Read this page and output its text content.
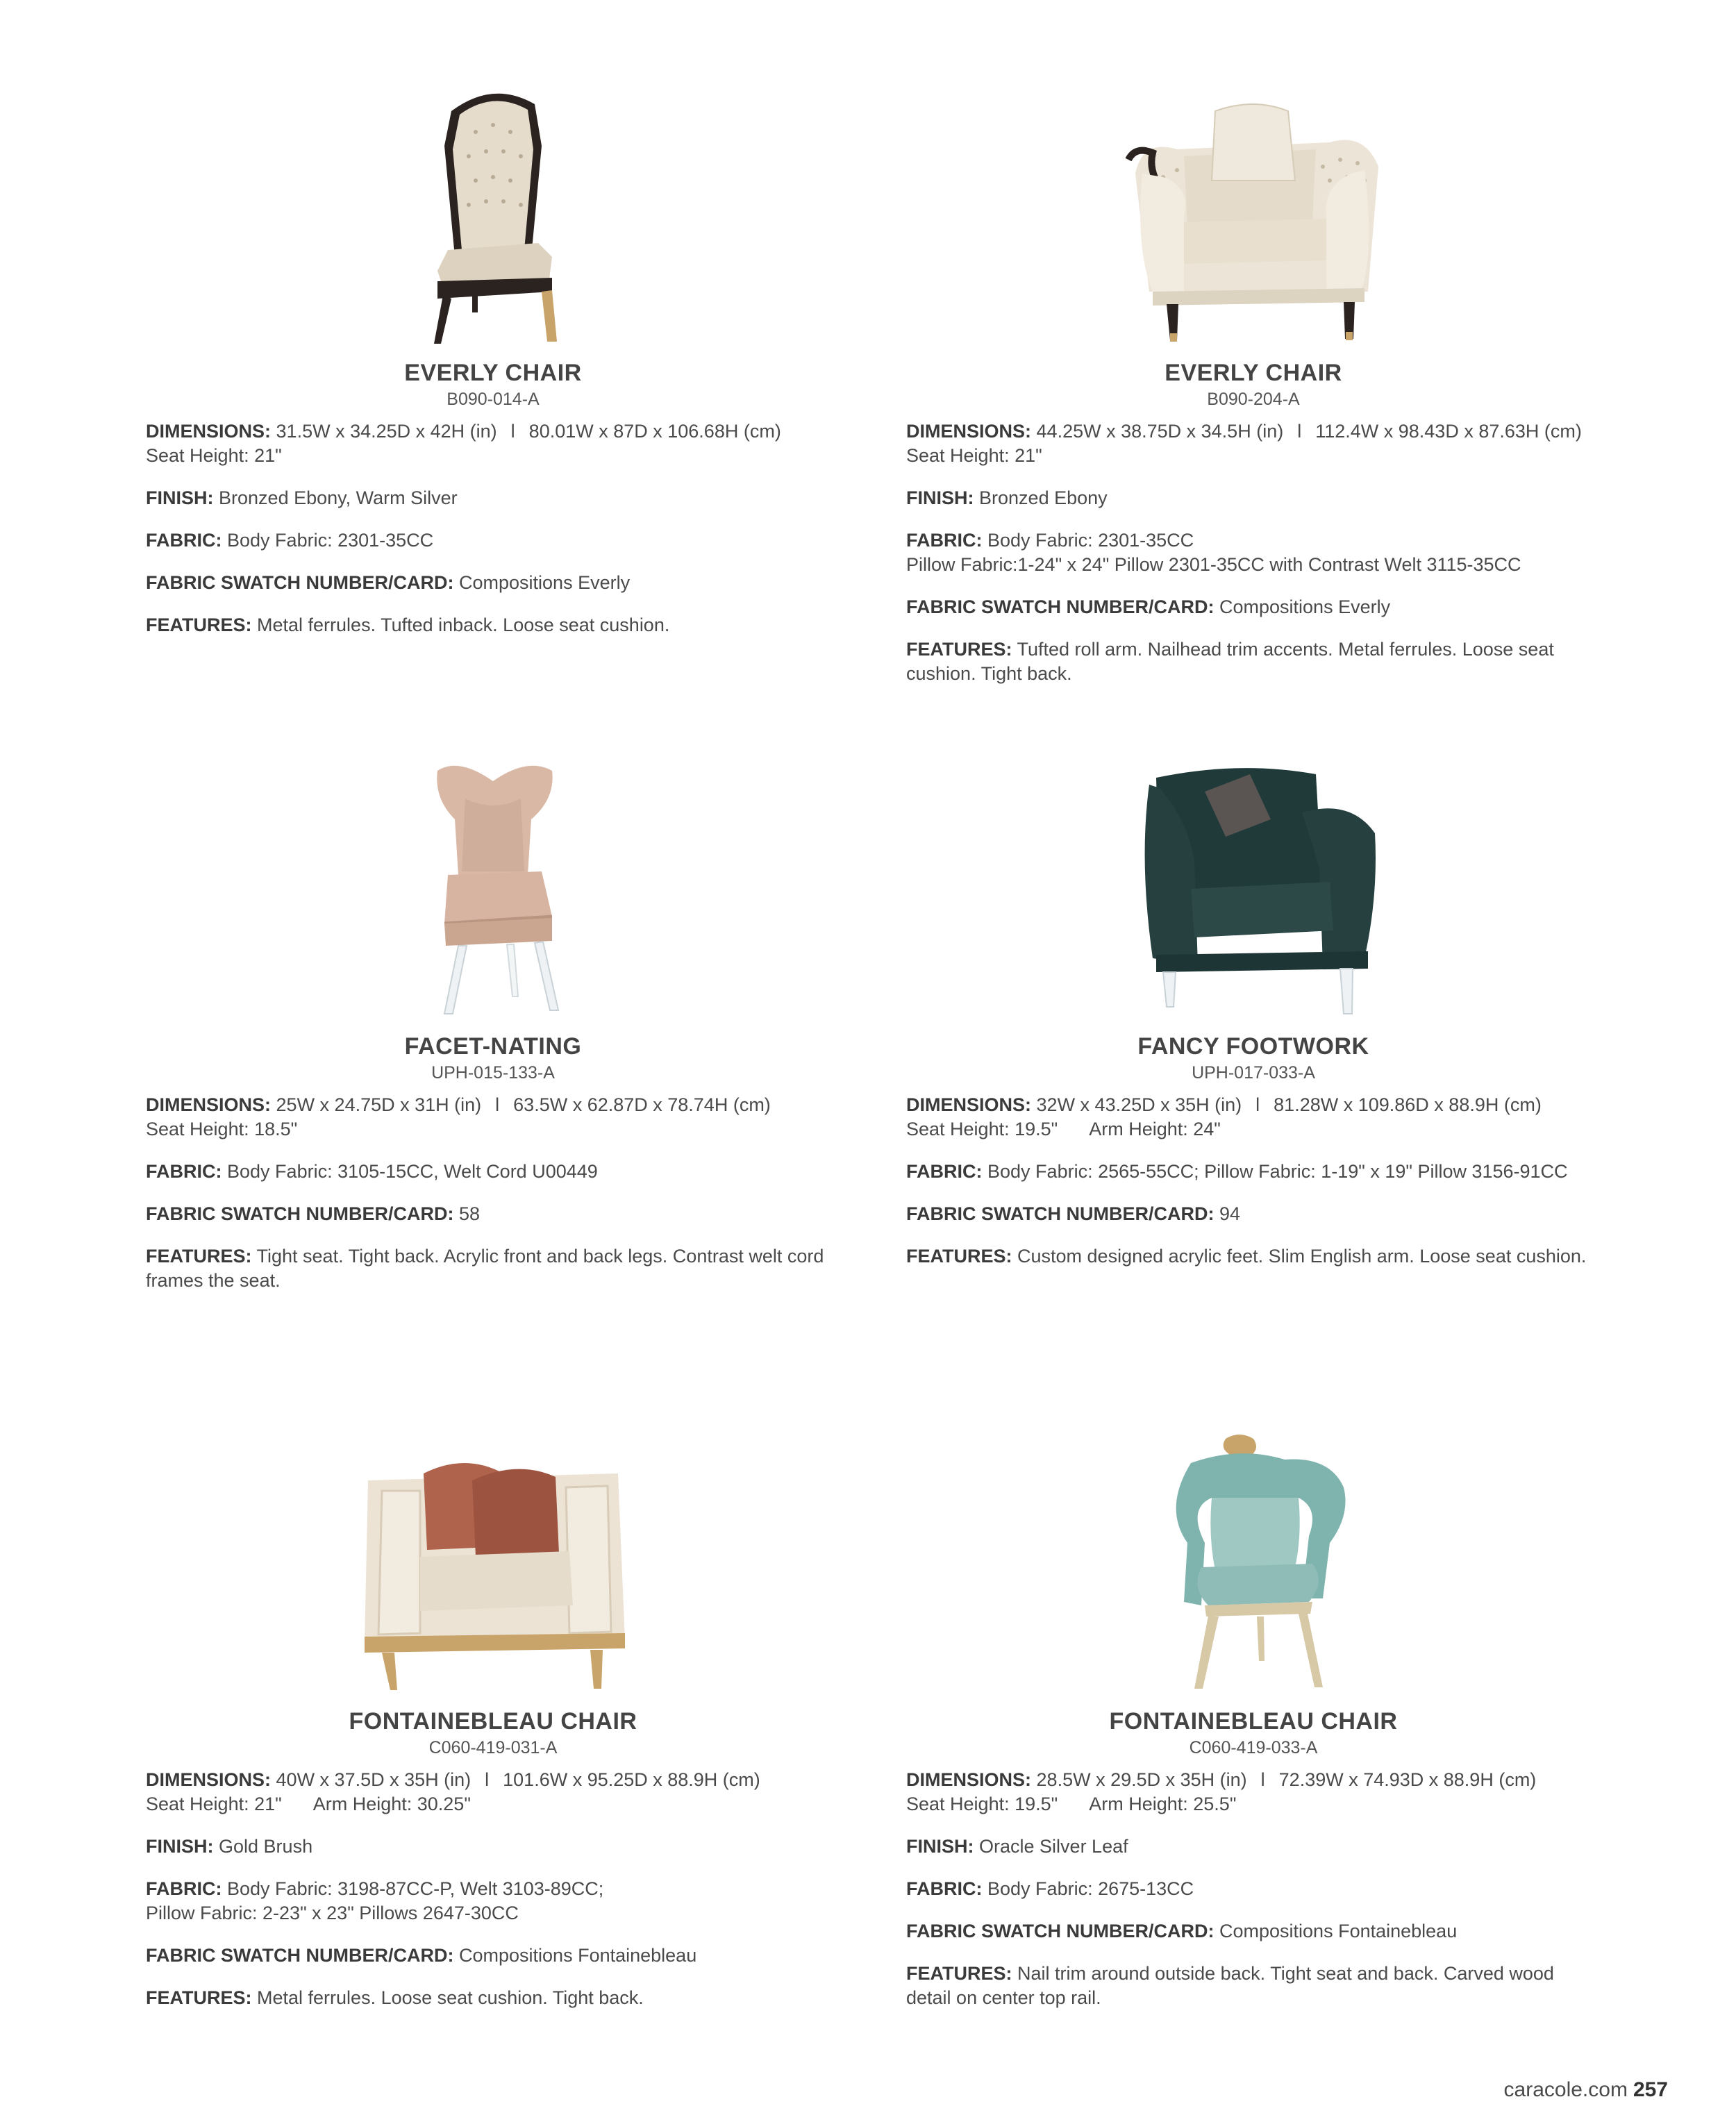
EVERLY CHAIR
B090-014-A
DIMENSIONS: 31.5W x 34.25D x 42H (in) l 80.01W x 87D x 106.68H (cm)
Seat Height: 21"
FINISH: Bronzed Ebony, Warm Silver
FABRIC: Body Fabric: 2301-35CC
FABRIC SWATCH NUMBER/CARD: Compositions Everly
FEATURES: Metal ferrules. Tufted inback. Loose seat cushion.
EVERLY CHAIR
B090-204-A
DIMENSIONS: 44.25W x 38.75D x 34.5H (in) l 112.4W x 98.43D x 87.63H (cm)
Seat Height: 21"
FINISH: Bronzed Ebony
FABRIC: Body Fabric: 2301-35CC
Pillow Fabric:1-24" x 24" Pillow 2301-35CC with Contrast Welt 3115-35CC
FABRIC SWATCH NUMBER/CARD: Compositions Everly
FEATURES: Tufted roll arm. Nailhead trim accents. Metal ferrules. Loose seat cushion. Tight back.
FACET-NATING
UPH-015-133-A
DIMENSIONS: 25W x 24.75D x 31H (in) l 63.5W x 62.87D x 78.74H (cm)
Seat Height: 18.5"
FABRIC: Body Fabric: 3105-15CC, Welt Cord U00449
FABRIC SWATCH NUMBER/CARD: 58
FEATURES: Tight seat. Tight back. Acrylic front and back legs. Contrast welt cord frames the seat.
FANCY FOOTWORK
UPH-017-033-A
DIMENSIONS: 32W x 43.25D x 35H (in) l 81.28W x 109.86D x 88.9H (cm)
Seat Height: 19.5" Arm Height: 24"
FABRIC: Body Fabric: 2565-55CC; Pillow Fabric: 1-19" x 19" Pillow 3156-91CC
FABRIC SWATCH NUMBER/CARD: 94
FEATURES: Custom designed acrylic feet. Slim English arm. Loose seat cushion.
FONTAINEBLEAU CHAIR
C060-419-031-A
DIMENSIONS: 40W x 37.5D x 35H (in) l 101.6W x 95.25D x 88.9H (cm)
Seat Height: 21" Arm Height: 30.25"
FINISH: Gold Brush
FABRIC: Body Fabric: 3198-87CC-P, Welt 3103-89CC;
Pillow Fabric: 2-23" x 23" Pillows 2647-30CC
FABRIC SWATCH NUMBER/CARD: Compositions Fontainebleau
FEATURES: Metal ferrules. Loose seat cushion. Tight back.
FONTAINEBLEAU CHAIR
C060-419-033-A
DIMENSIONS: 28.5W x 29.5D x 35H (in) l 72.39W x 74.93D x 88.9H (cm)
Seat Height: 19.5" Arm Height: 25.5"
FINISH: Oracle Silver Leaf
FABRIC: Body Fabric: 2675-13CC
FABRIC SWATCH NUMBER/CARD: Compositions Fontainebleau
FEATURES: Nail trim around outside back. Tight seat and back. Carved wood detail on center top rail.
caracole.com 257
